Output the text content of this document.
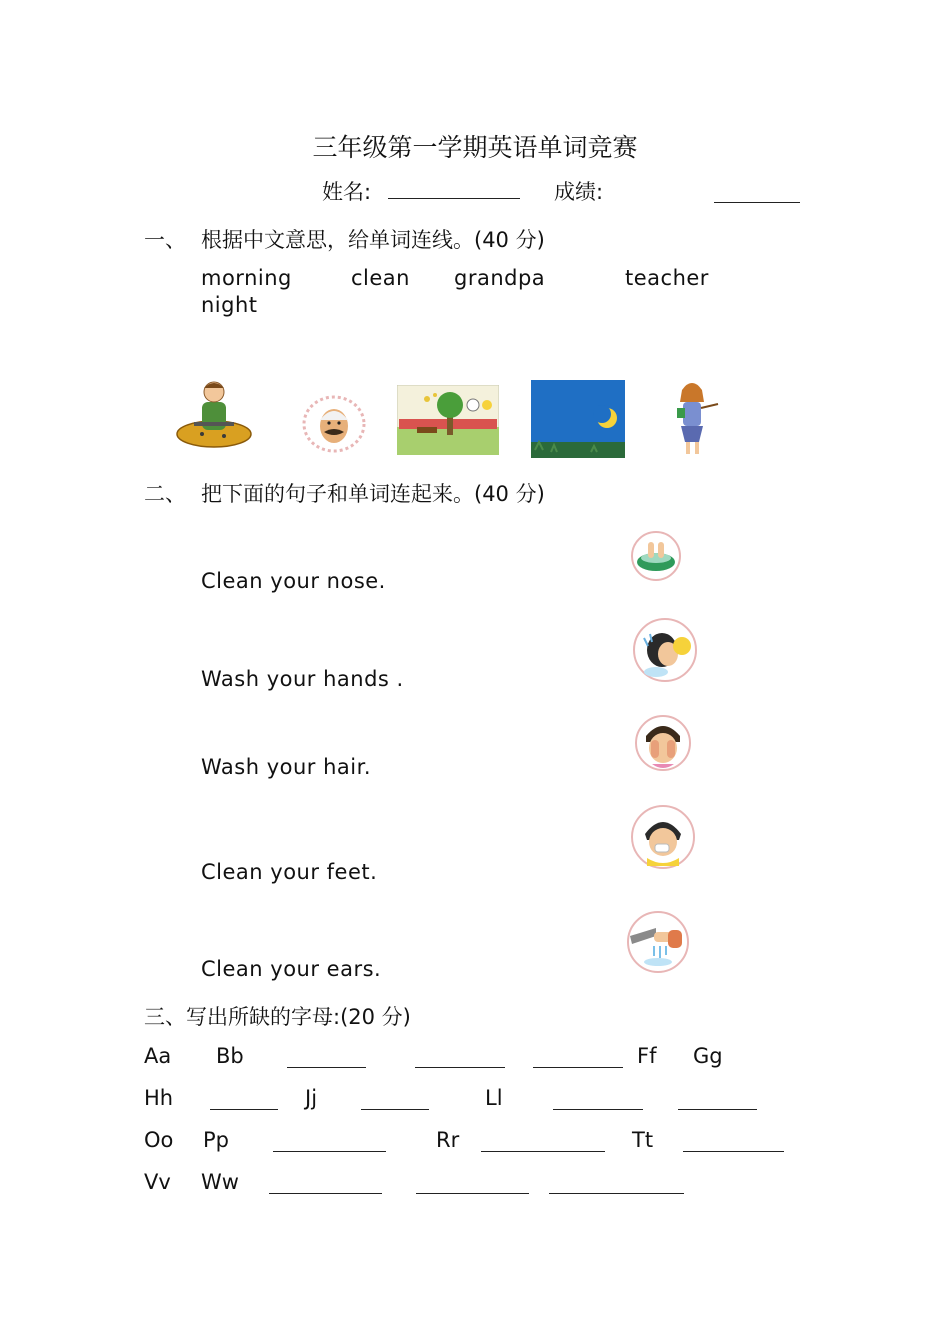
三年级第一学期英语单词竞赛
姓名:	成绩:
一、 根据中文意思，给单词连线。(40 分)
morning	clean grandpa	teacher
night
二、 把下面的句子和单词连起来。(40 分)
Clean your nose.
Wash your hands .
Wash your hair.
Clean your feet.
Clean your ears.
三、写出所缺的字母:(20 分)
Aa Bb	Ff Gg
Hh	Jj	Ll
Oo Pp	Rr	Tt
Vv Ww
